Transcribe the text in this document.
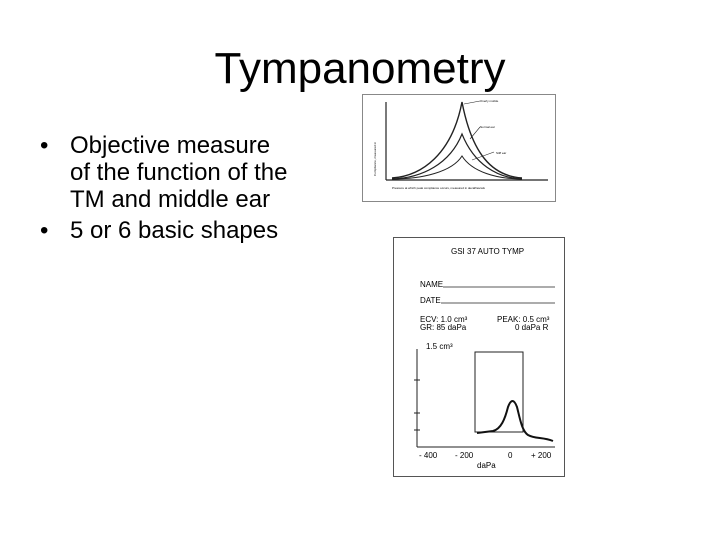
Tympanometry
• Objective measure of the function of the TM and middle ear
• 5 or 6 basic shapes
Compliance, measured in
Pressure at which peak compliance occurs, measured in decaPascals
Overly mobile
Normal ear
Stiff ear
GSI 37 AUTO TYMP
NAME
DATE
ECV: 1.0 cm³
GR: 85 daPa
PEAK: 0.5 cm³
0 daPa R
1.5 cm³
- 400 - 200	0 + 200
daPa
